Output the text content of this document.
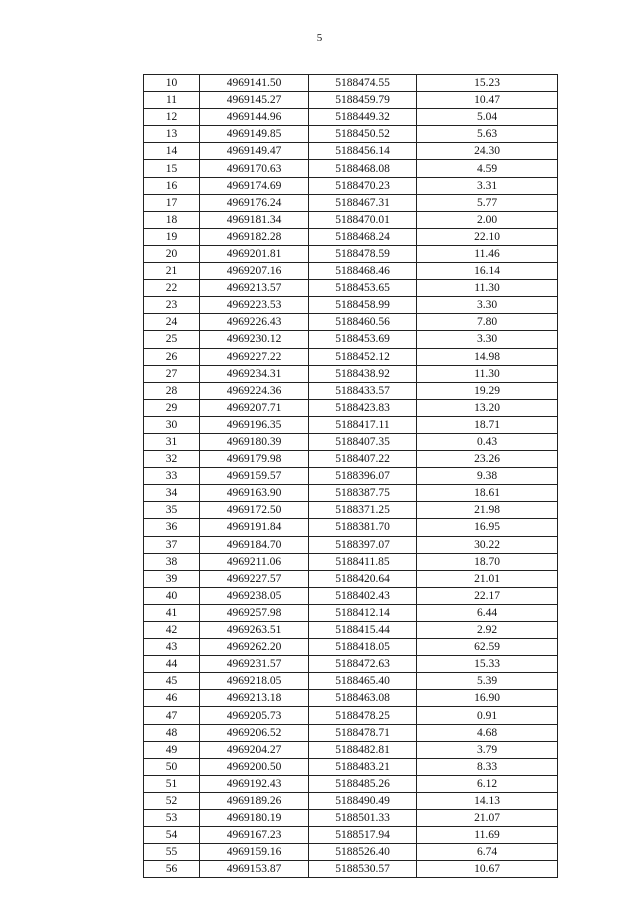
5
10	4969141.50	5188474.55	15.23
11	4969145.27	5188459.79	10.47
12	4969144.96	5188449.32	5.04
13	4969149.85	5188450.52	5.63
14	4969149.47	5188456.14	24.30
15	4969170.63	5188468.08	4.59
16	4969174.69	5188470.23	3.31
17	4969176.24	5188467.31	5.77
18	4969181.34	5188470.01	2.00
19	4969182.28	5188468.24	22.10
20	4969201.81	5188478.59	11.46
21	4969207.16	5188468.46	16.14
22	4969213.57	5188453.65	11.30
23	4969223.53	5188458.99	3.30
24	4969226.43	5188460.56	7.80
25	4969230.12	5188453.69	3.30
26	4969227.22	5188452.12	14.98
27	4969234.31	5188438.92	11.30
28	4969224.36	5188433.57	19.29
29	4969207.71	5188423.83	13.20
30	4969196.35	5188417.11	18.71
31	4969180.39	5188407.35	0.43
32	4969179.98	5188407.22	23.26
33	4969159.57	5188396.07	9.38
34	4969163.90	5188387.75	18.61
35	4969172.50	5188371.25	21.98
36	4969191.84	5188381.70	16.95
37	4969184.70	5188397.07	30.22
38	4969211.06	5188411.85	18.70
39	4969227.57	5188420.64	21.01
40	4969238.05	5188402.43	22.17
41	4969257.98	5188412.14	6.44
42	4969263.51	5188415.44	2.92
43	4969262.20	5188418.05	62.59
44	4969231.57	5188472.63	15.33
45	4969218.05	5188465.40	5.39
46	4969213.18	5188463.08	16.90
47	4969205.73	5188478.25	0.91
48	4969206.52	5188478.71	4.68
49	4969204.27	5188482.81	3.79
50	4969200.50	5188483.21	8.33
51	4969192.43	5188485.26	6.12
52	4969189.26	5188490.49	14.13
53	4969180.19	5188501.33	21.07
54	4969167.23	5188517.94	11.69
55	4969159.16	5188526.40	6.74
56	4969153.87	5188530.57	10.67
